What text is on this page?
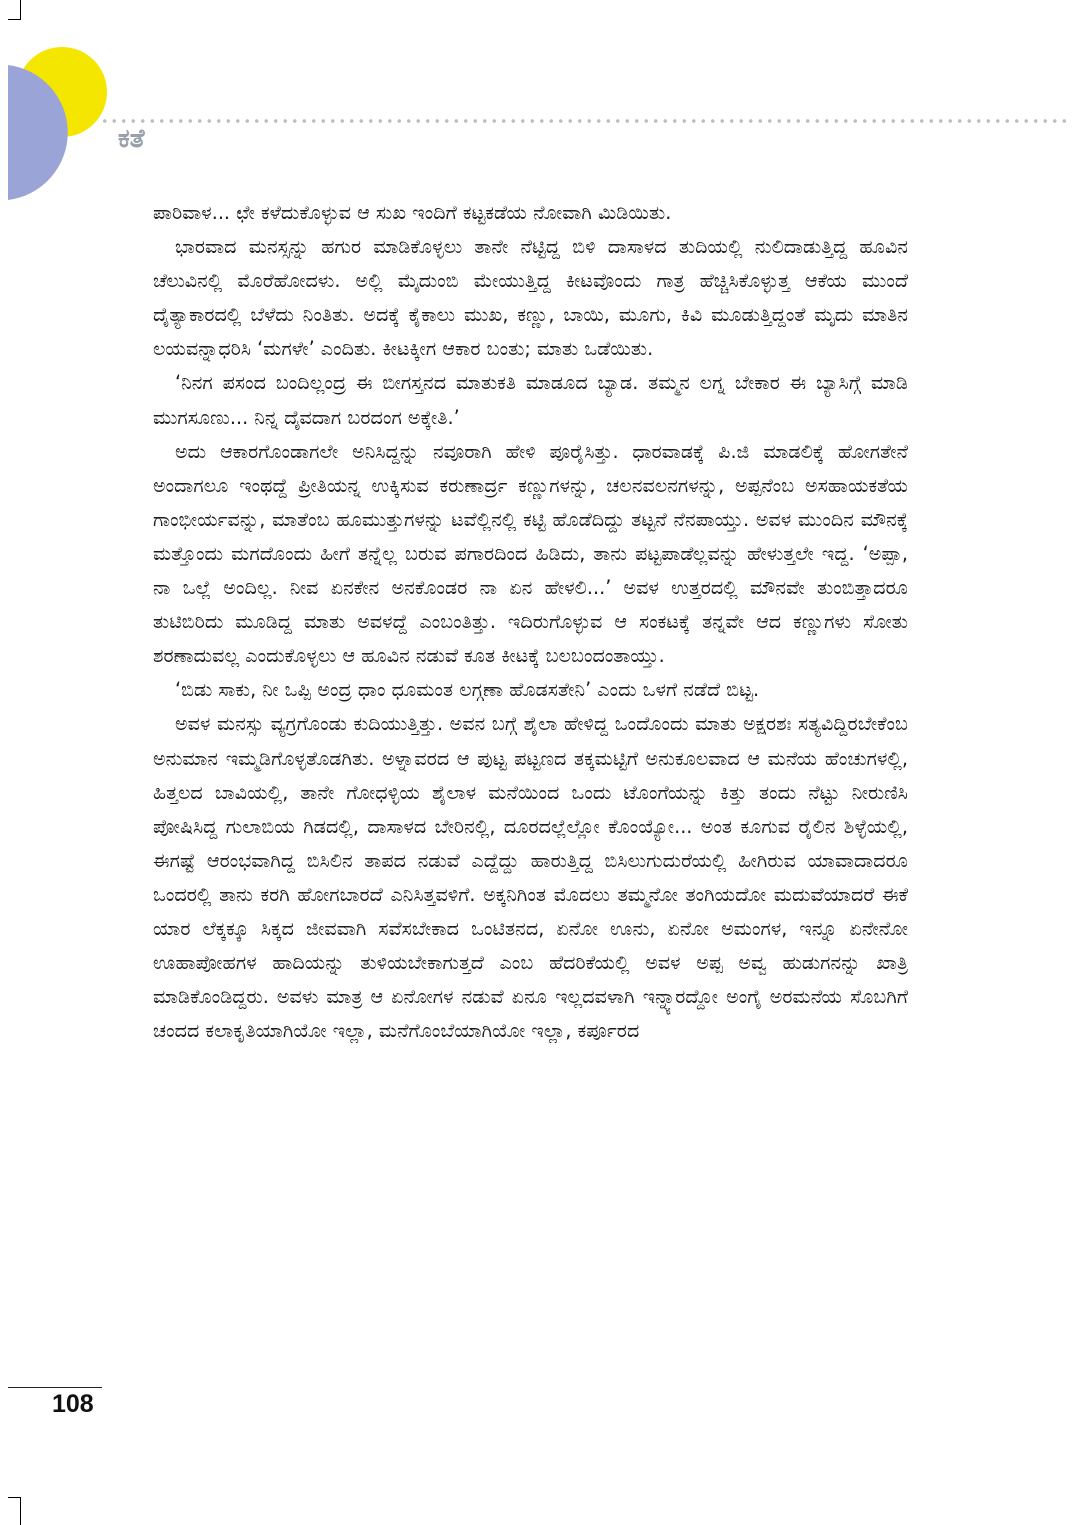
ಕತೆ

ಪಾರಿವಾಳ... ಛೇ ಕಳೆದುಕೊಳ್ಳುವ ಆ ಸುಖ ಇಂದಿಗೆ ಕಟ್ಟಕಡೆಯ ನೋವಾಗಿ ಮಿಡಿಯಿತು.

ಭಾರವಾದ ಮನಸ್ಸನ್ನು ಹಗುರ ಮಾಡಿಕೊಳ್ಳಲು ತಾನೇ ನೆಟ್ಟಿದ್ದ ಬಿಳಿ ದಾಸಾಳದ ತುದಿಯಲ್ಲಿ ನುಲಿದಾಡುತ್ತಿದ್ದ ಹೂವಿನ ಚೆಲುವಿನಲ್ಲಿ ಮೊರೆಹೋದಳು. ಅಲ್ಲಿ ಮೈದುಂಬಿ ಮೇಯುತ್ತಿದ್ದ ಕೀಟವೊಂದು ಗಾತ್ರ ಹೆಚ್ಚಿಸಿಕೊಳ್ಳುತ್ತ ಆಕೆಯ ಮುಂದೆ ದೈತ್ಯಾಕಾರದಲ್ಲಿ ಬೆಳೆದು ನಿಂತಿತು. ಅದಕ್ಕೆ ಕೈಕಾಲು ಮುಖ, ಕಣ್ಣು, ಬಾಯಿ, ಮೂಗು, ಕಿವಿ ಮೂಡುತ್ತಿದ್ದಂತೆ ಮೃದು ಮಾತಿನ ಲಯವನ್ನಾಧರಿಸಿ ‘ಮಗಳೇ’ ಎಂದಿತು. ಕೀಟಕ್ಕೀಗ ಆಕಾರ ಬಂತು; ಮಾತು ಒಡೆಯಿತು.

‘ನಿನಗ ಪಸಂದ ಬಂದಿಲ್ಲಂದ್ರ ಈ ಬೀಗಸ್ತನದ ಮಾತುಕತಿ ಮಾಡೂದ ಬ್ಯಾಡ. ತಮ್ಮನ ಲಗ್ನ ಬೇಕಾರ ಈ ಬ್ಯಾಸಿಗ್ಗೆ ಮಾಡಿ ಮುಗಸೂಣು... ನಿನ್ನ ದೈವದಾಗ ಬರದಂಗ ಅಕ್ಕೇತಿ.’

ಅದು ಆಕಾರಗೊಂಡಾಗಲೇ ಅನಿಸಿದ್ದನ್ನು ನವೂರಾಗಿ ಹೇಳಿ ಪೂರೈಸಿತ್ತು. ಧಾರವಾಡಕ್ಕೆ ಪಿ.ಜಿ ಮಾಡಲಿಕ್ಕೆ ಹೋಗತೇನೆ ಅಂದಾಗಲೂ ಇಂಥದ್ದೆ ಪ್ರೀತಿಯನ್ನ ಉಕ್ಕಿಸುವ ಕರುಣಾರ್ದ್ರ ಕಣ್ಣುಗಳನ್ನು, ಚಲನವಲನಗಳನ್ನು, ಅಪ್ಪನೆಂಬ ಅಸಹಾಯಕತೆಯ ಗಾಂಭೀರ್ಯವನ್ನು, ಮಾತೆಂಬ ಹೂಮುತ್ತುಗಳನ್ನು ಟವೆಲ್ಲಿನಲ್ಲಿ ಕಟ್ಟಿ ಹೊಡೆದಿದ್ದು ತಟ್ಟನೆ ನೆನಪಾಯ್ತು. ಅವಳ ಮುಂದಿನ ಮೌನಕ್ಕೆ ಮತ್ತೊಂದು ಮಗದೊಂದು ಹೀಗೆ ತನ್ನೆಲ್ಲ ಬರುವ ಪಗಾರದಿಂದ ಹಿಡಿದು, ತಾನು ಪಟ್ಟಪಾಡೆಲ್ಲವನ್ನು ಹೇಳುತ್ತಲೇ ಇದ್ದ. ‘ಅಪ್ಪಾ, ನಾ ಒಲ್ಲೆ ಅಂದಿಲ್ಲ. ನೀವ ಏನಕೇನ ಅನಕೊಂಡರ ನಾ ಏನ ಹೇಳಲಿ...’ ಅವಳ ಉತ್ತರದಲ್ಲಿ ಮೌನವೇ ತುಂಬಿತ್ತಾದರೂ ತುಟಿಬಿರಿದು ಮೂಡಿದ್ದ ಮಾತು ಅವಳದ್ದೆ ಎಂಬಂತಿತ್ತು. ಇದಿರುಗೊಳ್ಳುವ ಆ ಸಂಕಟಕ್ಕೆ ತನ್ನವೇ ಆದ ಕಣ್ಣುಗಳು ಸೋತು ಶರಣಾದುವಲ್ಲ ಎಂದುಕೊಳ್ಳಲು ಆ ಹೂವಿನ ನಡುವೆ ಕೂತ ಕೀಟಕ್ಕೆ ಬಲಬಂದಂತಾಯ್ತು.

‘ಬಿಡು ಸಾಕು, ನೀ ಒಪ್ಪಿ ಅಂದ್ರ ಧಾಂ ಧೂಮಂತ ಲಗ್ಗಣಾ ಹೊಡಸತೇನಿ’ ಎಂದು ಒಳಗೆ ನಡೆದೆ ಬಿಟ್ಟ.

ಅವಳ ಮನಸ್ಸು ವ್ಯಗ್ರಗೊಂಡು ಕುದಿಯುತ್ತಿತ್ತು. ಅವನ ಬಗ್ಗೆ ಶೈಲಾ ಹೇಳಿದ್ದ ಒಂದೊಂದು ಮಾತು ಅಕ್ಷರಶಃ ಸತ್ಯವಿದ್ದಿರಬೇಕೆಂಬ ಅನುಮಾನ ಇಮ್ಮಡಿಗೊಳ್ಳತೊಡಗಿತು. ಅಳ್ನಾವರದ ಆ ಪುಟ್ಟ ಪಟ್ಟಣದ ತಕ್ಕಮಟ್ಟಿಗೆ ಅನುಕೂಲವಾದ ಆ ಮನೆಯ ಹೆಂಚುಗಳಲ್ಲಿ, ಹಿತ್ತಲದ ಬಾವಿಯಲ್ಲಿ, ತಾನೇ ಗೋಧಳ್ಳಿಯ ಶೈಲಾಳ ಮನೆಯಿಂದ ಒಂದು ಟೊಂಗೆಯನ್ನು ಕಿತ್ತು ತಂದು ನೆಟ್ಟು ನೀರುಣಿಸಿ ಪೋಷಿಸಿದ್ದ ಗುಲಾಬಿಯ ಗಿಡದಲ್ಲಿ, ದಾಸಾಳದ ಬೇರಿನಲ್ಲಿ, ದೂರದಲ್ಲೆಲ್ಲೋ ಕೊಂಯ್ಯೋ... ಅಂತ ಕೂಗುವ ರೈಲಿನ ಶಿಳ್ಳೆಯಲ್ಲಿ, ಈಗಷ್ಟೆ ಆರಂಭವಾಗಿದ್ದ ಬಿಸಿಲಿನ ತಾಪದ ನಡುವೆ ಎದ್ದೆದ್ದು ಹಾರುತ್ತಿದ್ದ ಬಿಸಿಲುಗುದುರೆಯಲ್ಲಿ ಹೀಗಿರುವ ಯಾವಾದಾದರೂ ಒಂದರಲ್ಲಿ ತಾನು ಕರಗಿ ಹೋಗಬಾರದೆ ಎನಿಸಿತ್ತವಳಿಗೆ. ಅಕ್ಕನಿಗಿಂತ ಮೊದಲು ತಮ್ಮನೋ ತಂಗಿಯದೋ ಮದುವೆಯಾದರೆ ಈಕೆ ಯಾರ ಲೆಕ್ಕಕ್ಕೂ ಸಿಕ್ಕದ ಜೀವವಾಗಿ ಸವೆಸಬೇಕಾದ ಒಂಟಿತನದ, ಏನೋ ಊನು, ಏನೋ ಅಮಂಗಳ, ಇನ್ನೂ ಏನೇನೋ ಊಹಾಪೋಹಗಳ ಹಾದಿಯನ್ನು ತುಳಿಯಬೇಕಾಗುತ್ತದೆ ಎಂಬ ಹೆದರಿಕೆಯಲ್ಲಿ ಅವಳ ಅಪ್ಪ ಅವ್ವ ಹುಡುಗನನ್ನು ಖಾತ್ರಿ ಮಾಡಿಕೊಂಡಿದ್ದರು. ಅವಳು ಮಾತ್ರ ಆ ಏನೋಗಳ ನಡುವೆ ಏನೂ ಇಲ್ಲದವಳಾಗಿ ಇನ್ನ್ಯಾರದ್ದೋ ಅಂಗೈ ಅರಮನೆಯ ಸೊಬಗಿಗೆ ಚಂದದ ಕಲಾಕೃತಿಯಾಗಿಯೋ ಇಲ್ಲಾ, ಮನೆಗೊಂಬೆಯಾಗಿಯೋ ಇಲ್ಲಾ, ಕರ್ಪೂರದ

108
